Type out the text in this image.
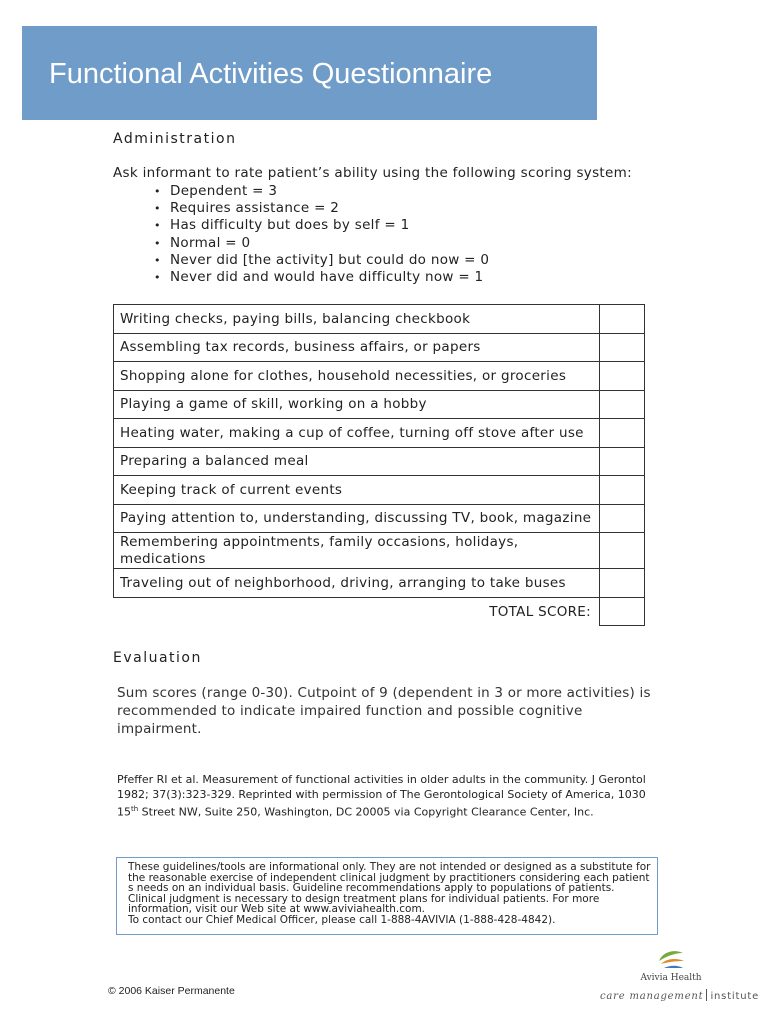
Functional Activities Questionnaire
Administration
Ask informant to rate patient’s ability using the following scoring system:
• Dependent = 3
• Requires assistance = 2
• Has difficulty but does by self = 1
• Normal = 0
• Never did [the activity] but could do now = 0
• Never did and would have difficulty now = 1
Writing checks, paying bills, balancing checkbook	
Assembling tax records, business affairs, or papers	
Shopping alone for clothes, household necessities, or groceries	
Playing a game of skill, working on a hobby	
Heating water, making a cup of coffee, turning off stove after use	
Preparing a balanced meal	
Keeping track of current events	
Paying attention to, understanding, discussing TV, book, magazine	
Remembering appointments, family occasions, holidays, medications	
Traveling out of neighborhood, driving, arranging to take buses	
TOTAL SCORE:	
Evaluation
Sum scores (range 0-30). Cutpoint of 9 (dependent in 3 or more activities) is recommended to indicate impaired function and possible cognitive impairment.
Pfeffer RI et al. Measurement of functional activities in older adults in the community. J Gerontol 1982; 37(3):323-329. Reprinted with permission of The Gerontological Society of America, 1030 15th Street NW, Suite 250, Washington, DC 20005 via Copyright Clearance Center, Inc.

These guidelines/tools are informational only. They are not intended or designed as a substitute for the reasonable exercise of independent clinical judgment by practitioners considering each patient s needs on an individual basis. Guideline recommendations apply to populations of patients. Clinical judgment is necessary to design treatment plans for individual patients. For more information, visit our Web site at www.aviviahealth.com.
To contact our Chief Medical Officer, please call 1-888-4AVIVIA (1-888-428-4842).

© 2006 Kaiser Permanente
Avivia Health
care management institute
